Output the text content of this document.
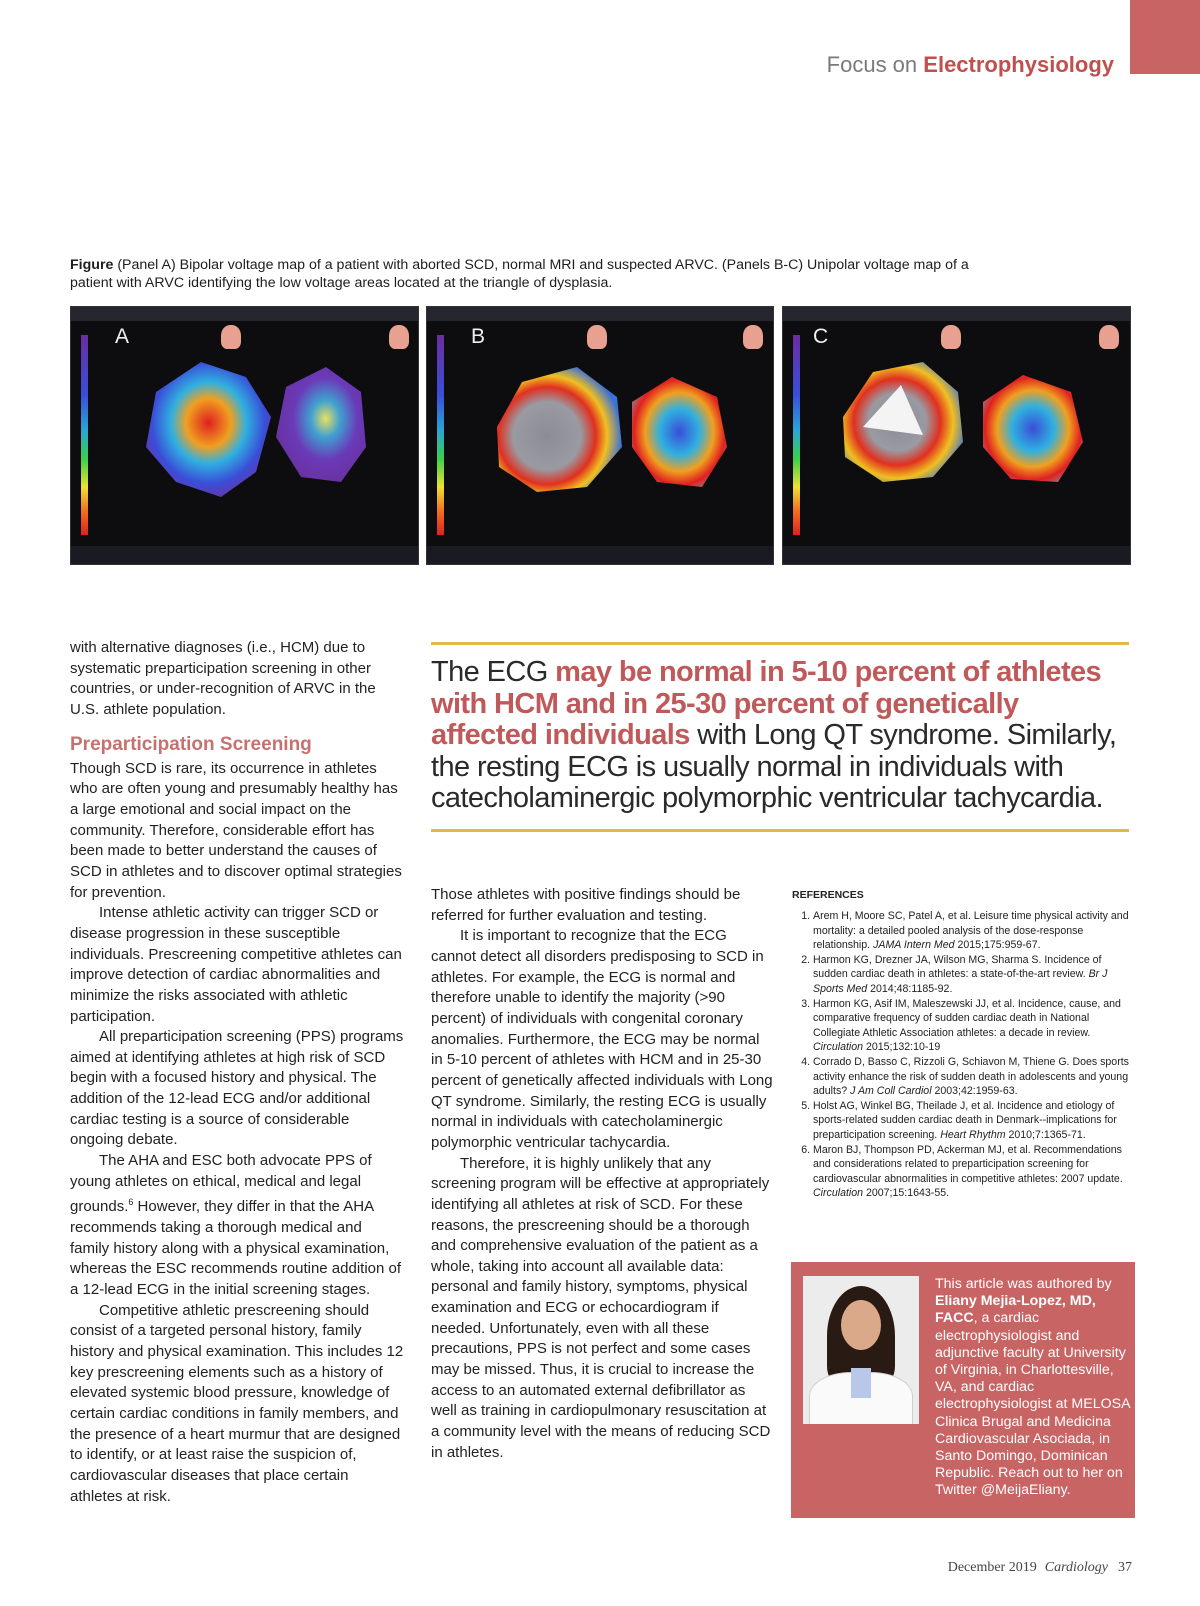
Focus on Electrophysiology
Figure (Panel A) Bipolar voltage map of a patient with aborted SCD, normal MRI and suspected ARVC. (Panels B-C) Unipolar voltage map of a patient with ARVC identifying the low voltage areas located at the triangle of dysplasia.
A	B	C

with alternative diagnoses (i.e., HCM) due to systematic preparticipation screening in other countries, or under-recognition of ARVC in the U.S. athlete population.

Preparticipation Screening

Though SCD is rare, its occurrence in athletes who are often young and presumably healthy has a large emotional and social impact on the community. Therefore, considerable effort has been made to better understand the causes of SCD in athletes and to discover optimal strategies for prevention.

Intense athletic activity can trigger SCD or disease progression in these susceptible individuals. Prescreening competitive athletes can improve detection of cardiac abnormalities and minimize the risks associated with athletic participation.

All preparticipation screening (PPS) programs aimed at identifying athletes at high risk of SCD begin with a focused history and physical. The addition of the 12-lead ECG and/or additional cardiac testing is a source of considerable ongoing debate.

The AHA and ESC both advocate PPS of young athletes on ethical, medical and legal grounds.$^6$ However, they differ in that the AHA recommends taking a thorough medical and family history along with a physical examination, whereas the ESC recommends routine addition of a 12-lead ECG in the initial screening stages.

Competitive athletic prescreening should consist of a targeted personal history, family history and physical examination. This includes 12 key prescreening elements such as a history of elevated systemic blood pressure, knowledge of certain cardiac conditions in family members, and the presence of a heart murmur that are designed to identify, or at least raise the suspicion of, cardiovascular diseases that place certain athletes at risk.

The ECG may be normal in 5-10 percent of athletes with HCM and in 25-30 percent of genetically affected individuals with Long QT syndrome. Similarly, the resting ECG is usually normal in individuals with catecholaminergic polymorphic ventricular tachycardia.

Those athletes with positive findings should be referred for further evaluation and testing.

It is important to recognize that the ECG cannot detect all disorders predisposing to SCD in athletes. For example, the ECG is normal and therefore unable to identify the majority (>90 percent) of individuals with congenital coronary anomalies. Furthermore, the ECG may be normal in 5-10 percent of athletes with HCM and in 25-30 percent of genetically affected individuals with Long QT syndrome. Similarly, the resting ECG is usually normal in individuals with catecholaminergic polymorphic ventricular tachycardia.

Therefore, it is highly unlikely that any screening program will be effective at appropriately identifying all athletes at risk of SCD. For these reasons, the prescreening should be a thorough and comprehensive evaluation of the patient as a whole, taking into account all available data: personal and family history, symptoms, physical examination and ECG or echocardiogram if needed. Unfortunately, even with all these precautions, PPS is not perfect and some cases may be missed. Thus, it is crucial to increase the access to an automated external defibrillator as well as training in cardiopulmonary resuscitation at a community level with the means of reducing SCD in athletes.

REFERENCES
1. Arem H, Moore SC, Patel A, et al. Leisure time physical activity and mortality: a detailed pooled analysis of the dose-response relationship. JAMA Intern Med 2015;175:959-67.
2. Harmon KG, Drezner JA, Wilson MG, Sharma S. Incidence of sudden cardiac death in athletes: a state-of-the-art review. Br J Sports Med 2014;48:1185-92.
3. Harmon KG, Asif IM, Maleszewski JJ, et al. Incidence, cause, and comparative frequency of sudden cardiac death in National Collegiate Athletic Association athletes: a decade in review. Circulation 2015;132:10-19
4. Corrado D, Basso C, Rizzoli G, Schiavon M, Thiene G. Does sports activity enhance the risk of sudden death in adolescents and young adults? J Am Coll Cardiol 2003;42:1959-63.
5. Holst AG, Winkel BG, Theilade J, et al. Incidence and etiology of sports-related sudden cardiac death in Denmark--implications for preparticipation screening. Heart Rhythm 2010;7:1365-71.
6. Maron BJ, Thompson PD, Ackerman MJ, et al. Recommendations and considerations related to preparticipation screening for cardiovascular abnormalities in competitive athletes: 2007 update. Circulation 2007;15:1643-55.
This article was authored by Eliany Mejia-Lopez, MD, FACC, a cardiac electrophysiologist and adjunctive faculty at University of Virginia, in Charlottesville, VA, and cardiac electrophysiologist at MELOSA Clinica Brugal and Medicina Cardiovascular Asociada, in Santo Domingo, Dominican Republic. Reach out to her on Twitter @MeijaEliany.
December 2019 Cardiology 37
